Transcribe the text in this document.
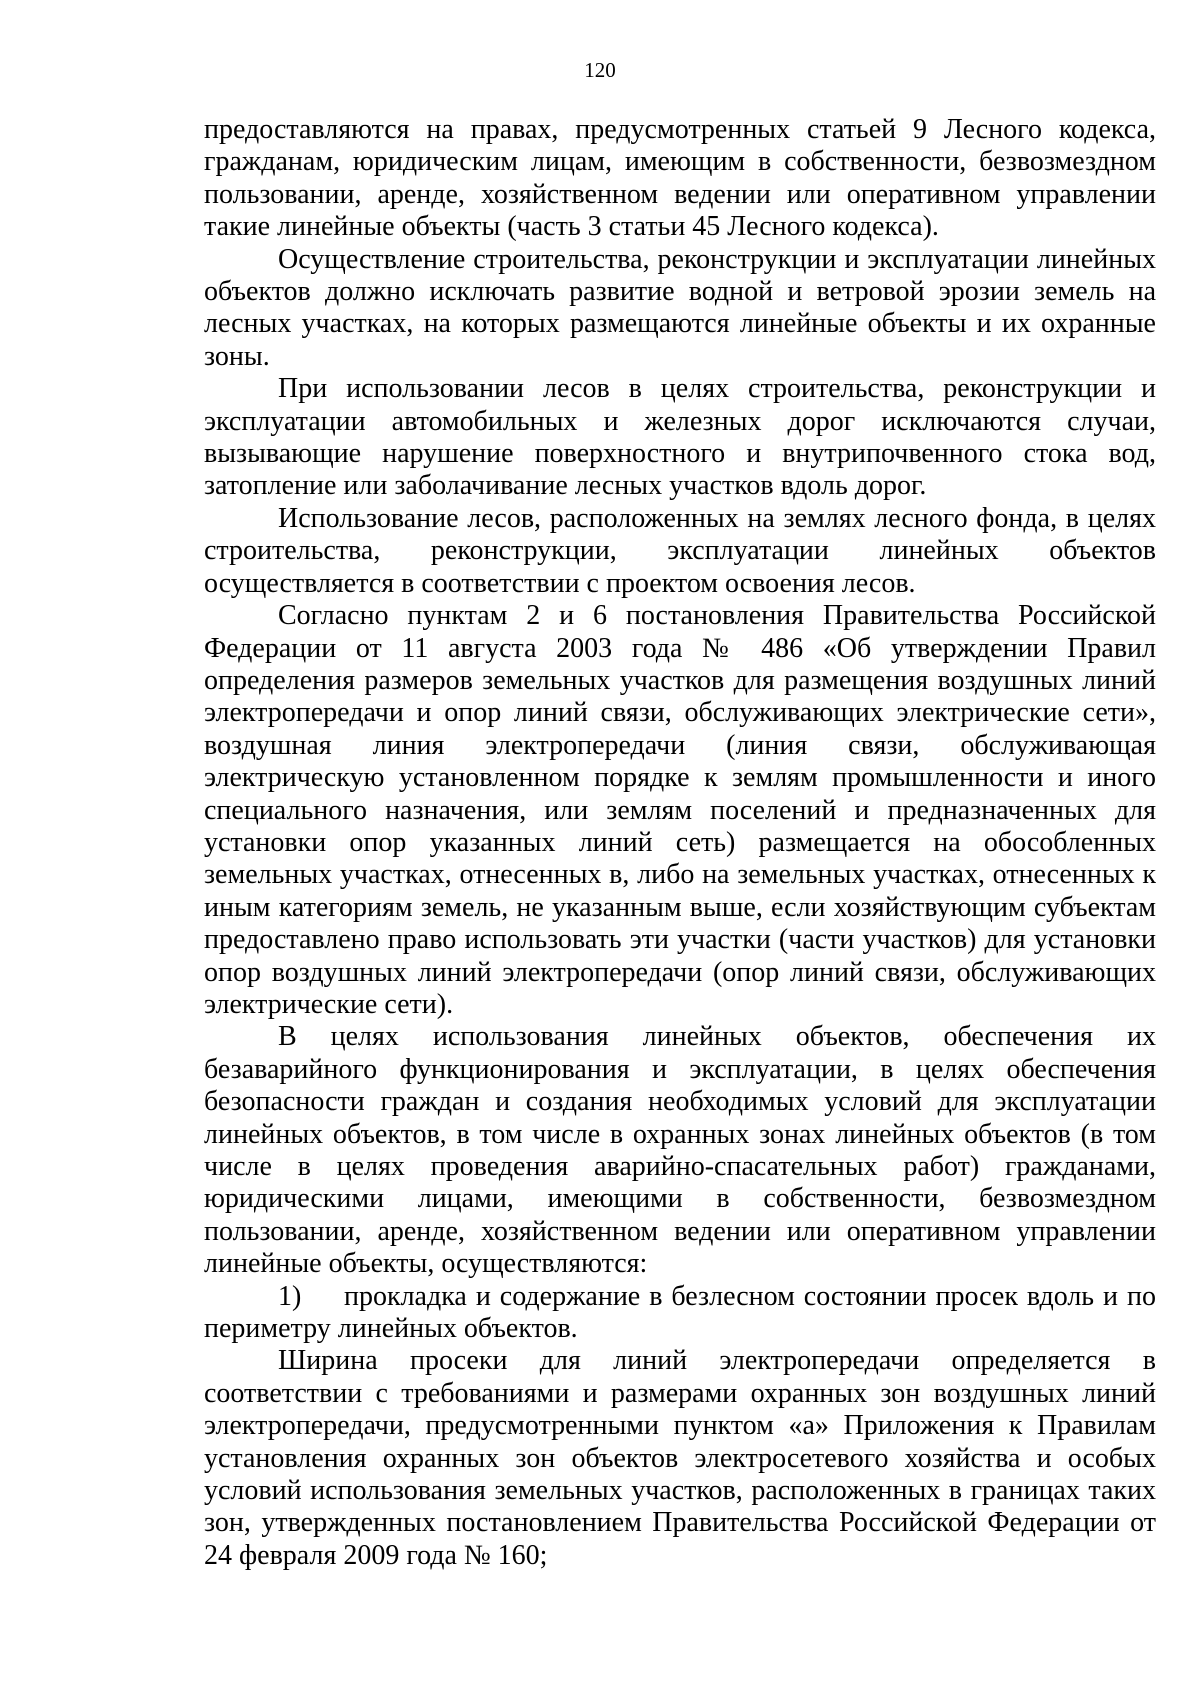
120

предоставляются на правах, предусмотренных статьей 9 Лесного кодекса, гражданам, юридическим лицам, имеющим в собственности, безвозмездном пользовании, аренде, хозяйственном ведении или оперативном управлении такие линейные объекты (часть 3 статьи 45 Лесного кодекса).

Осуществление строительства, реконструкции и эксплуатации линейных объектов должно исключать развитие водной и ветровой эрозии земель на лесных участках, на которых размещаются линейные объекты и их охранные зоны.

При использовании лесов в целях строительства, реконструкции и эксплуатации автомобильных и железных дорог исключаются случаи, вызывающие нарушение поверхностного и внутрипочвенного стока вод, затопление или заболачивание лесных участков вдоль дорог.

Использование лесов, расположенных на землях лесного фонда, в целях строительства, реконструкции, эксплуатации линейных объектов осуществляется в соответствии с проектом освоения лесов.

Согласно пунктам 2 и 6 постановления Правительства Российской Федерации от 11 августа 2003 года № 486 «Об утверждении Правил определения размеров земельных участков для размещения воздушных линий электропередачи и опор линий связи, обслуживающих электрические сети», воздушная линия электропередачи (линия связи, обслуживающая электрическую установленном порядке к землям промышленности и иного специального назначения, или землям поселений и предназначенных для установки опор указанных линий сеть) размещается на обособленных земельных участках, отнесенных в, либо на земельных участках, отнесенных к иным категориям земель, не указанным выше, если хозяйствующим субъектам предоставлено право использовать эти участки (части участков) для установки опор воздушных линий электропередачи (опор линий связи, обслуживающих электрические сети).

В целях использования линейных объектов, обеспечения их безаварийного функционирования и эксплуатации, в целях обеспечения безопасности граждан и создания необходимых условий для эксплуатации линейных объектов, в том числе в охранных зонах линейных объектов (в том числе в целях проведения аварийно-спасательных работ) гражданами, юридическими лицами, имеющими в собственности, безвозмездном пользовании, аренде, хозяйственном ведении или оперативном управлении линейные объекты, осуществляются:

1) прокладка и содержание в безлесном состоянии просек вдоль и по периметру линейных объектов.

Ширина просеки для линий электропередачи определяется в соответствии с требованиями и размерами охранных зон воздушных линий электропередачи, предусмотренными пунктом «а» Приложения к Правилам установления охранных зон объектов электросетевого хозяйства и особых условий использования земельных участков, расположенных в границах таких зон, утвержденных постановлением Правительства Российской Федерации от 24 февраля 2009 года № 160;
